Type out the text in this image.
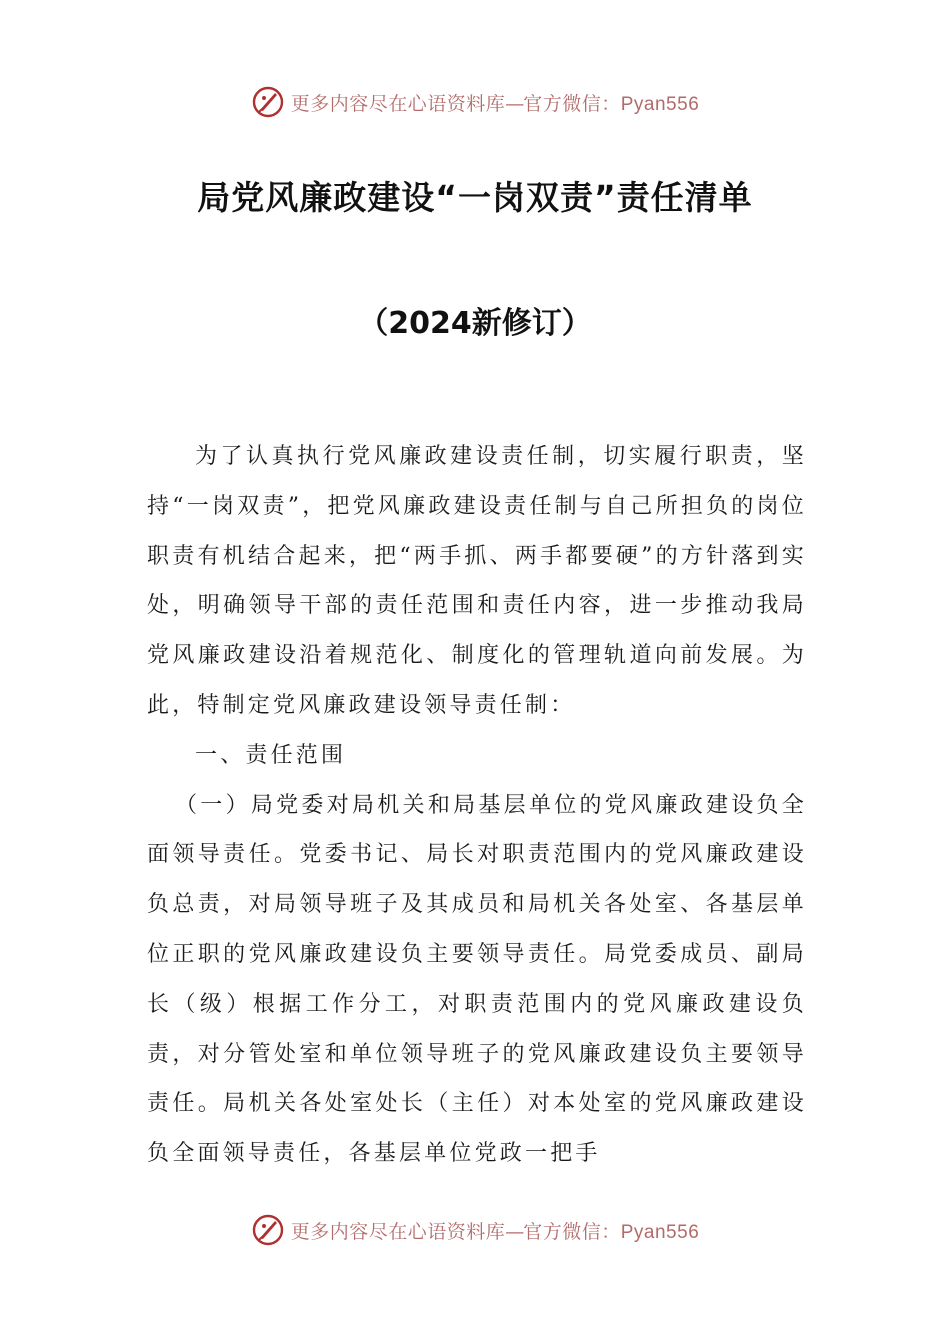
更多内容尽在心语资料库—官方微信：Pyan556
局党风廉政建设“一岗双责”责任清单
（2024新修订）

为了认真执行党风廉政建设责任制，切实履行职责，坚持“一岗双责”，把党风廉政建设责任制与自己所担负的岗位职责有机结合起来，把“两手抓、两手都要硬”的方针落到实处，明确领导干部的责任范围和责任内容，进一步推动我局党风廉政建设沿着规范化、制度化的管理轨道向前发展。为此，特制定党风廉政建设领导责任制：

一、责任范围

（一）局党委对局机关和局基层单位的党风廉政建设负全面领导责任。党委书记、局长对职责范围内的党风廉政建设负总责，对局领导班子及其成员和局机关各处室、各基层单位正职的党风廉政建设负主要领导责任。局党委成员、副局长（级）根据工作分工，对职责范围内的党风廉政建设负责，对分管处室和单位领导班子的党风廉政建设负主要领导责任。局机关各处室处长（主任）对本处室的党风廉政建设负全面领导责任，各基层单位党政一把手

更多内容尽在心语资料库—官方微信：Pyan556
